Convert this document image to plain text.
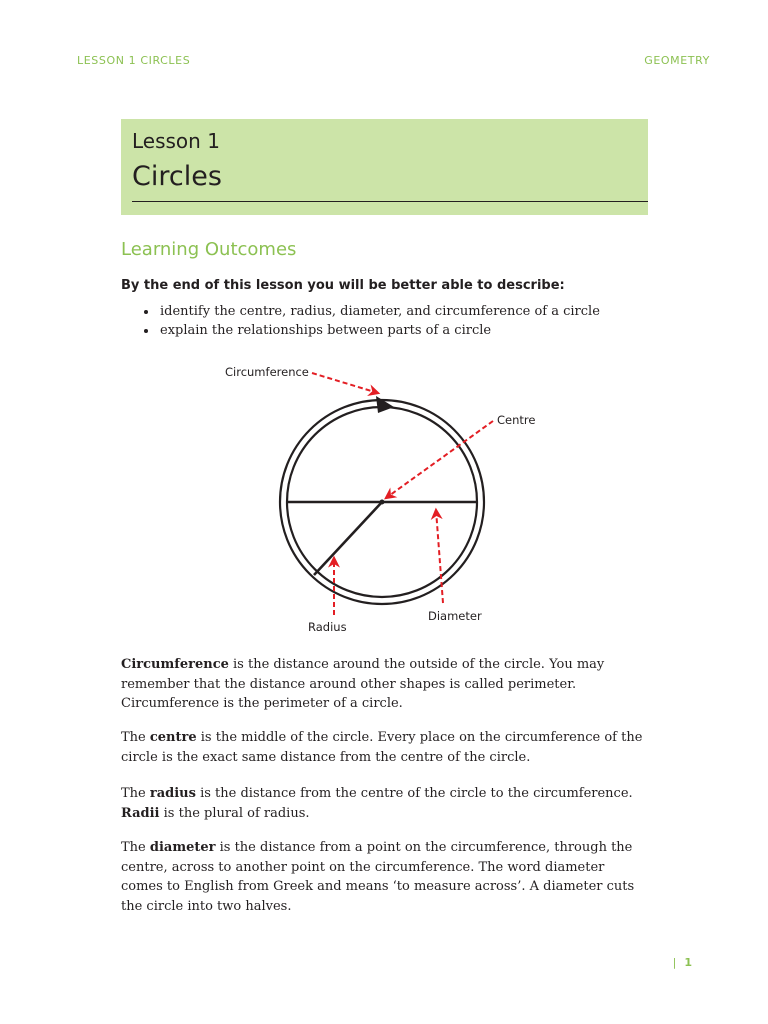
LESSON 1 CIRCLES	GEOMETRY
Lesson 1
Circles
Learning Outcomes
By the end of this lesson you will be better able to describe:
• identify the centre, radius, diameter, and circumference of a circle
• explain the relationships between parts of a circle
Circumference
Centre
Radius
Diameter

Circumference is the distance around the outside of the circle. You may remember that the distance around other shapes is called perimeter. Circumference is the perimeter of a circle.

The centre is the middle of the circle. Every place on the circumference of the circle is the exact same distance from the centre of the circle.

The radius is the distance from the centre of the circle to the circumference. Radii is the plural of radius.

The diameter is the distance from a point on the circumference, through the centre, across to another point on the circumference. The word diameter comes to English from Greek and means ‘to measure across’. A diameter cuts the circle into two halves.

| 1
